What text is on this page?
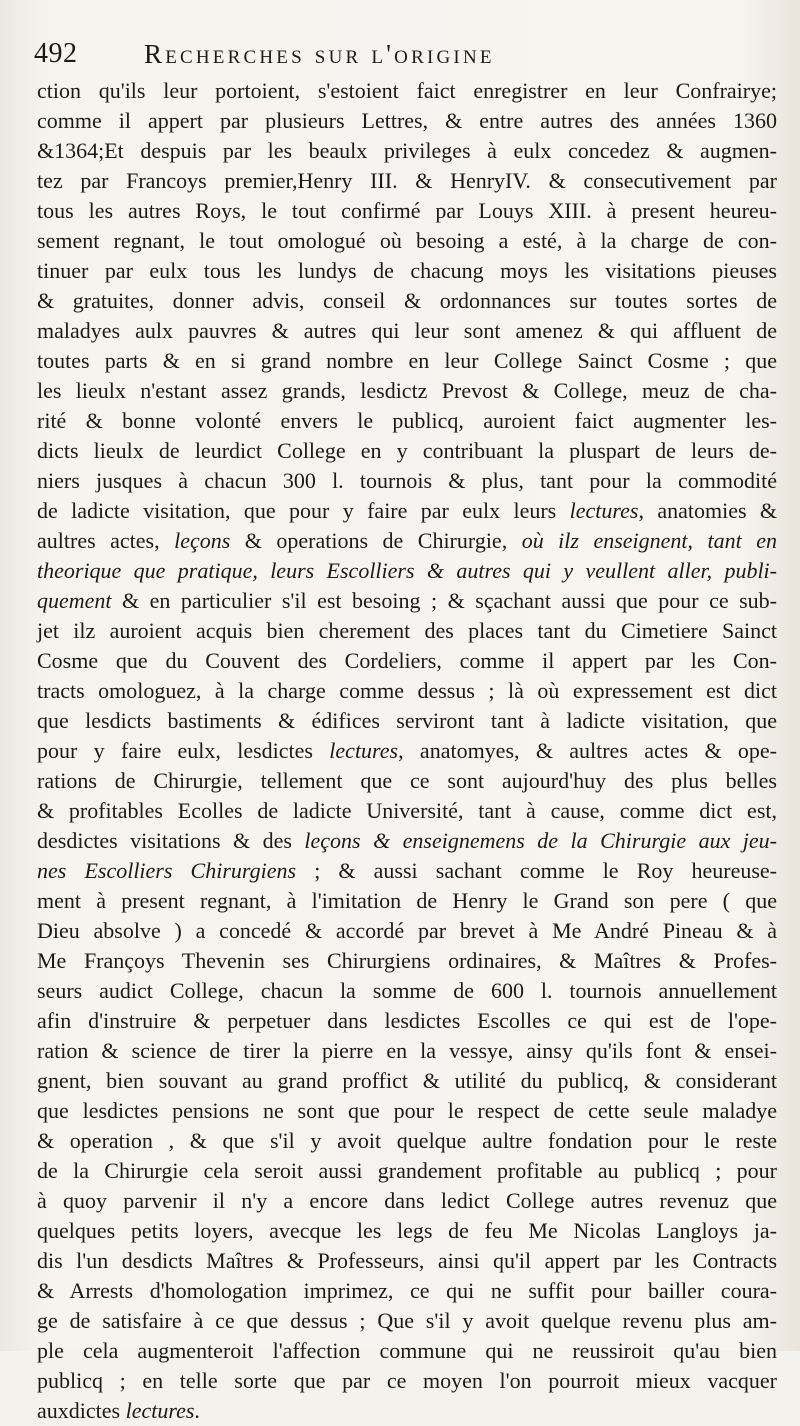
492 Recherches sur l'origine
ction qu'ils leur portoient, s'estoient faict enregistrer en leur Confrairye;
comme il appert par plusieurs Lettres, & entre autres des années 1360
&1364;Et despuis par les beaulx privileges à eulx concedez & augmen-
tez par Francoys premier,Henry III. & HenryIV. & consecutivement par
tous les autres Roys, le tout confirmé par Louys XIII. à present heureu-
sement regnant, le tout omologué où besoing a esté, à la charge de con-
tinuer par eulx tous les lundys de chacung moys les visitations pieuses
& gratuites, donner advis, conseil & ordonnances sur toutes sortes de
maladyes aulx pauvres & autres qui leur sont amenez & qui affluent de
toutes parts & en si grand nombre en leur College Sainct Cosme ; que
les lieulx n'estant assez grands, lesdictz Prevost & College, meuz de cha-
rité & bonne volonté envers le publicq, auroient faict augmenter les-
dicts lieulx de leurdict College en y contribuant la pluspart de leurs de-
niers jusques à chacun 300 l. tournois & plus, tant pour la commodité
de ladicte visitation, que pour y faire par eulx leurs lectures, anatomies &
aultres actes, leçons & operations de Chirurgie, où ilz enseignent, tant en
theorique que pratique, leurs Escolliers & autres qui y veullent aller, publi-
quement & en particulier s'il est besoing ; & sçachant aussi que pour ce sub-
jet ilz auroient acquis bien cherement des places tant du Cimetiere Sainct
Cosme que du Couvent des Cordeliers, comme il appert par les Con-
tracts omologuez, à la charge comme dessus ; là où expressement est dict
que lesdicts bastiments & édifices serviront tant à ladicte visitation, que
pour y faire eulx, lesdictes lectures, anatomyes, & aultres actes & ope-
rations de Chirurgie, tellement que ce sont aujourd'huy des plus belles
& profitables Ecolles de ladicte Université, tant à cause, comme dict est,
desdictes visitations & des leçons & enseignemens de la Chirurgie aux jeu-
nes Escolliers Chirurgiens ; & aussi sachant comme le Roy heureuse-
ment à present regnant, à l'imitation de Henry le Grand son pere ( que
Dieu absolve ) a concedé & accordé par brevet à Me André Pineau & à
Me Françoys Thevenin ses Chirurgiens ordinaires, & Maîtres & Profes-
seurs audict College, chacun la somme de 600 l. tournois annuellement
afin d'instruire & perpetuer dans lesdictes Escolles ce qui est de l'ope-
ration & science de tirer la pierre en la vessye, ainsy qu'ils font & ensei-
gnent, bien souvant au grand proffict & utilité du publicq, & considerant
que lesdictes pensions ne sont que pour le respect de cette seule maladye
& operation , & que s'il y avoit quelque aultre fondation pour le reste
de la Chirurgie cela seroit aussi grandement profitable au publicq ; pour
à quoy parvenir il n'y a encore dans ledict College autres revenuz que
quelques petits loyers, avecque les legs de feu Me Nicolas Langloys ja-
dis l'un desdicts Maîtres & Professeurs, ainsi qu'il appert par les Contracts
& Arrests d'homologation imprimez, ce qui ne suffit pour bailler coura-
ge de satisfaire à ce que dessus ; Que s'il y avoit quelque revenu plus am-
ple cela augmenteroit l'affection commune qui ne reussiroit qu'au bien
publicq ; en telle sorte que par ce moyen l'on pourroit mieux vacquer
auxdictes lectures.
